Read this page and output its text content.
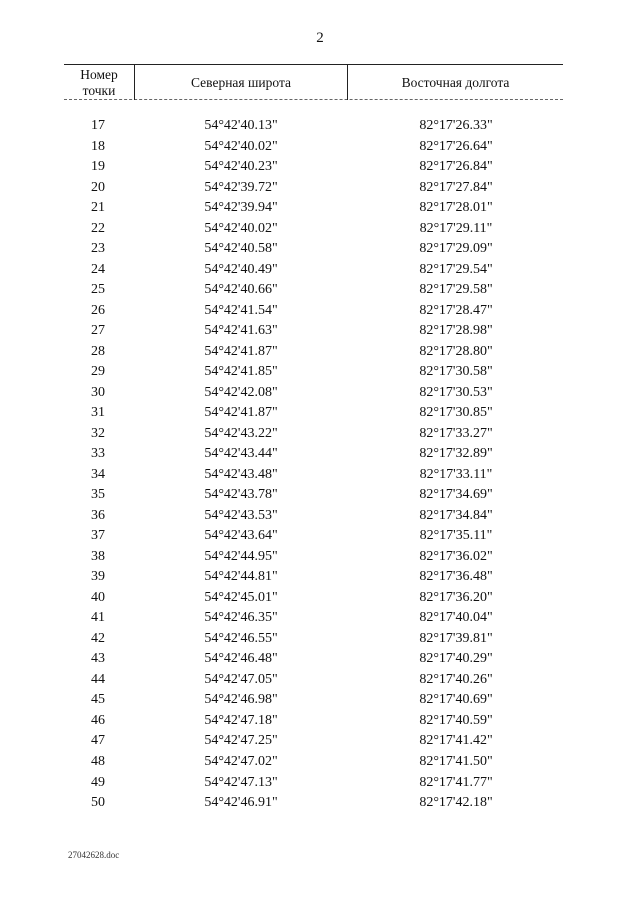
2
Номер
точки
Северная широта	Восточная долгота
17	54°42'40.13"	82°17'26.33"
18	54°42'40.02"	82°17'26.64"
19	54°42'40.23"	82°17'26.84"
20	54°42'39.72"	82°17'27.84"
21	54°42'39.94"	82°17'28.01"
22	54°42'40.02"	82°17'29.11"
23	54°42'40.58"	82°17'29.09"
24	54°42'40.49"	82°17'29.54"
25	54°42'40.66"	82°17'29.58"
26	54°42'41.54"	82°17'28.47"
27	54°42'41.63"	82°17'28.98"
28	54°42'41.87"	82°17'28.80"
29	54°42'41.85"	82°17'30.58"
30	54°42'42.08"	82°17'30.53"
31	54°42'41.87"	82°17'30.85"
32	54°42'43.22"	82°17'33.27"
33	54°42'43.44"	82°17'32.89"
34	54°42'43.48"	82°17'33.11"
35	54°42'43.78"	82°17'34.69"
36	54°42'43.53"	82°17'34.84"
37	54°42'43.64"	82°17'35.11"
38	54°42'44.95"	82°17'36.02"
39	54°42'44.81"	82°17'36.48"
40	54°42'45.01"	82°17'36.20"
41	54°42'46.35"	82°17'40.04"
42	54°42'46.55"	82°17'39.81"
43	54°42'46.48"	82°17'40.29"
44	54°42'47.05"	82°17'40.26"
45	54°42'46.98"	82°17'40.69"
46	54°42'47.18"	82°17'40.59"
47	54°42'47.25"	82°17'41.42"
48	54°42'47.02"	82°17'41.50"
49	54°42'47.13"	82°17'41.77"
50	54°42'46.91"	82°17'42.18"
27042628.doc
